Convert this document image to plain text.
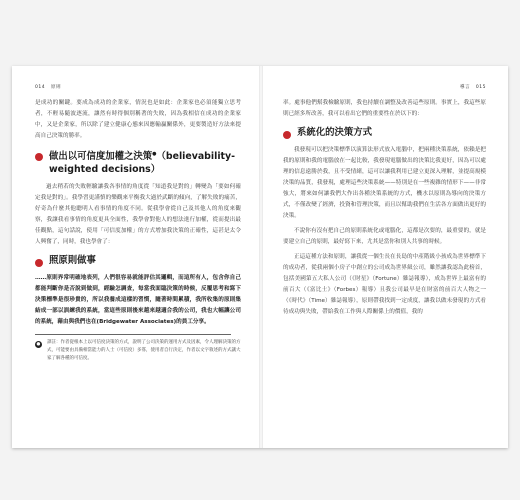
014 原則

是成功的關鍵。要成為成功的企業家，情況也是如此：企業家也必須能獨立思考者，不輕易隨波逐流，讓然有時得個別稱著的失敗，因為我相信在成功的企業家中，又是企業家，所以除了建立健康心態來因應輸贏關係外，更要製造好方法來提高自己決策的勝率。

做出以可信度加權之決策●（believability-weighted decisions）

過去稍若的失敗輕驗讓我各事情的角度從「知道我是對的」轉變為「要如何確定我是對的」。我學習更謹慎的樂觀來平衡我大過於武斷的傾向，了解失敗的痛苦，好奇為什麼其他聰明人看事情的角度不同。從我學會從自己及其他人的角度來觀察，我讓我看事情的角度更具全面性，我學會對他人的想法進行加權，從而提出最佳觀點，這句話說，使用「可信度加權」的方式增加我決策的正確性，這甚是太令人興奮了，同時，我也學會了：

照原則做事

……原則界常明確地表列，人們很容易就能評估其邏輯，而這所有人，包含你自己都能判斷你是否說到做到，經驗怎調查，每當我面臨決策的時候，反覆思考和寫下決策標準是很珍貴的，所以我養成這樣的習慣，隨著時間累積，我所收集的原則集結成一部以訓練我的系統，當這些原則後來越來越適合我的公司，我也大幅讓公司的系統，藉由與我們也在(Bridgewater Associates)的員工分享。

●	譯註：作者從根本上以可信度決策的方式，說明了公司決策的運用方式及因素，令人理解決策的方式，可能要由具備相當能力的人士（可信度）多寡，使用者自行決定，作者以文字敘述的方式讓大家了解各種的可信度。
導言 015

率。處事他們幫我檢驗原則，我也持續在調整及改善這些原則。事實上，我這些原則已經多所改善，我可以看出它們的重要性在於以下的：

系統化的決策方式

我發現可以把決策標準以演算法形式放入電腦中，把兩種決策系統，依賴是把我的原則和我的電腦放在一起比較，我發現電腦做出的決策比我更好，因為可以處理的信息遠勝於我，且不受情緒，這可以讓我利用已建立更深入理解，並提高規模決策的品質，我發現，處理這些決策系統——特別是在一些複雜的情形下——非常強大，將來如何讓我們大作出各種決策系統的方式，機水以原則為導向的決策方式，不僅改變了經濟，投資和管理決策，而且以幫助我們在生活各方面做出更好的決策。

不說你有沒有把自己的原則系統化或電腦化，這都是次要的，最重要的，就是要建立自己的原則，最好寫下來，尤其是當你和別人共事的時候。

正這這種方法和原則，讓我從一個生長在長島的中產階級小孩成為世界標準下的成功者，從我兩個小房子中創立的公司成為世界級公司，雖然讓我認為此榜首，包括美國第五大私人公司（《財星》（Fortune）雜誌報導），成為世界上最富有的前百大（《富比士》（Forbes）報導）且我公司最早是在財富的前百大人物之一（《時代》（Time）雜誌報導），原則帶我找到一定成度，讓我以做未發現的方式看待成功與失敗，帶給我在工作與人際關係上的價值，我的
